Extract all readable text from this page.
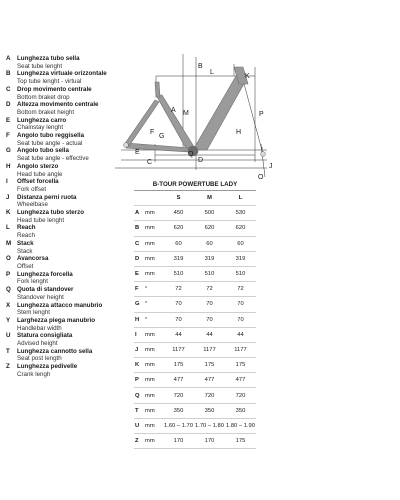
A	Lunghezza tubo sella
Seat tube lenght
B	Lunghezza virtuale orizzontale
Top tube lenght - virtual
C	Drop movimento centrale
Bottom braket drop
D	Altezza movimento centrale
Bottom braket height
E	Lunghezza carro
Chainstay lenght
F	Angolo tubo reggisella
Seat tube angle - actual
G Angolo tubo sella
Seat tube angle - effective
H	Angolo sterzo
Head tube angle
I	Offset forcella
Fork offset
J	Distanza perni ruota
Wheelbase
K	Lunghezza tubo sterzo
Head tube lenght
L	Reach
Reach
M Stack
Stack
O Avancorsa
Offset
P	Lunghezza forcella
Fork lenght
Q Quota di standover
Standover height
X	Lunghezza attacco manubrio
Stem lenght
Y	Larghezza piega manubrio
Handlebar width
U	Statura consigliata
Advised height
T	Lunghezza cannotto sella
Seat post length
Z	Lunghezza pedivelle
Crank lengh
A
B
C	D
E
F
G
H
I
J
K
L
M
O
P
Q
B-TOUR POWERTUBE LADY
		S	M	L
A	mm	450	500	530
B	mm	620	620	620
C	mm	60	60	60
D	mm	319	319	319
E	mm	510	510	510
F	°	72	72	72
G	°	70	70	70
H	°	70	70	70
I	mm	44	44	44
J	mm	1177	1177	1177
K	mm	175	175	175
P	mm	477	477	477
Q	mm	720	720	720
T	mm	350	350	350
U	mm	1.60 – 1.70	1.70 – 1.80	1.80 – 1.90
Z	mm	170	170	175
